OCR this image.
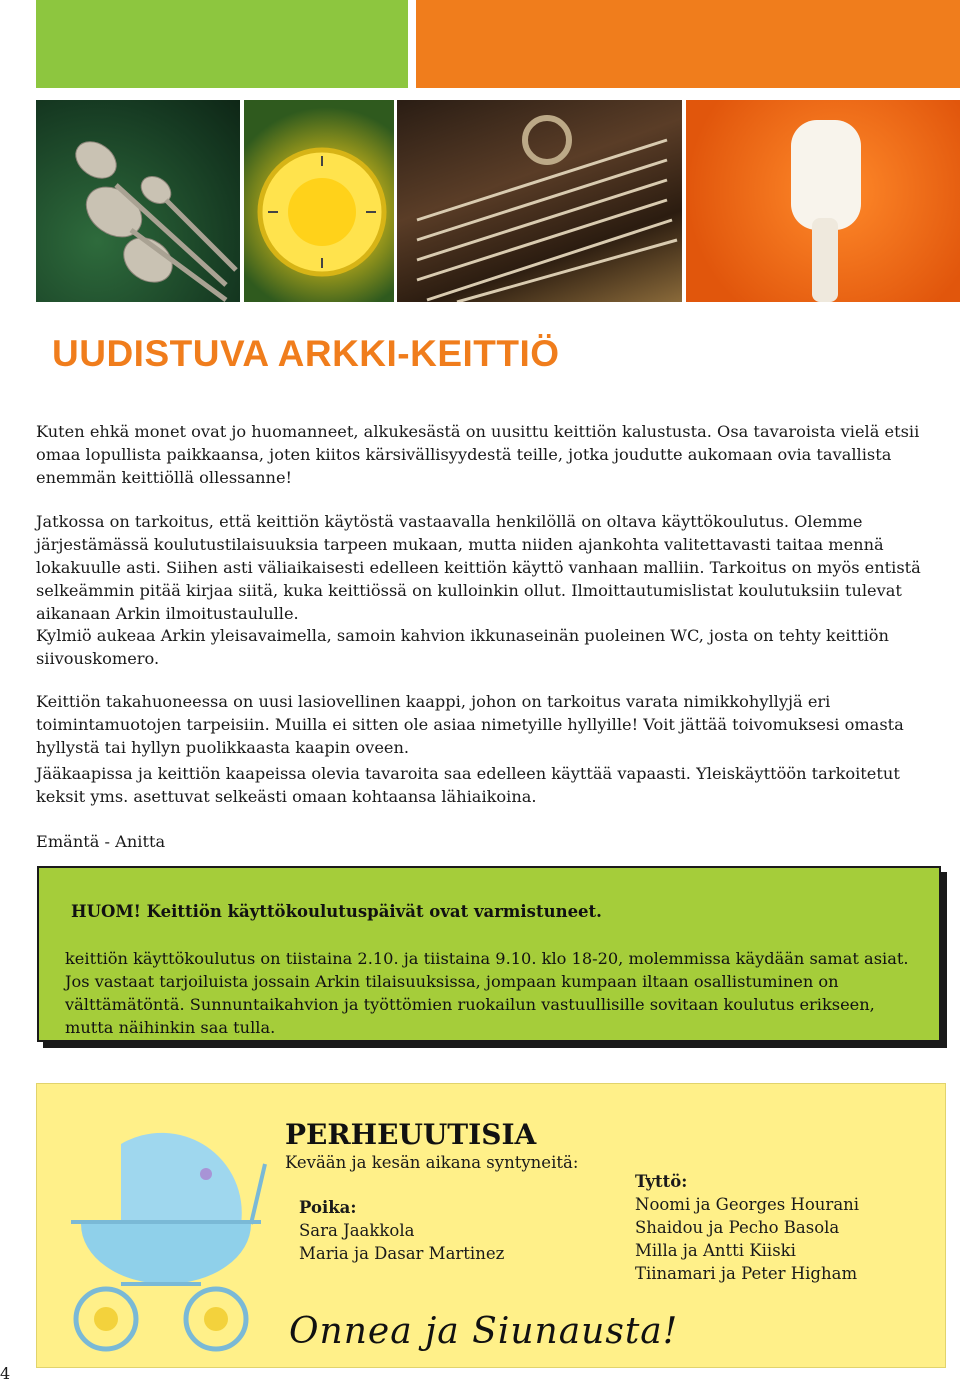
UUDISTUVA ARKKI-KEITTIÖ

Kuten ehkä monet ovat jo huomanneet, alkukesästä on uusittu keittiön kalustusta. Osa tavaroista vielä etsii omaa lopullista paikkaansa, joten kiitos kärsivällisyydestä teille, jotka joudutte aukomaan ovia tavallista enemmän keittiöllä ollessanne!

Jatkossa on tarkoitus, että keittiön käytöstä vastaavalla henkilöllä on oltava käyttökoulutus. Olemme järjestämässä koulutustilaisuuksia tarpeen mukaan, mutta niiden ajankohta valitettavasti taitaa mennä lokakuulle asti. Siihen asti väliaikaisesti edelleen keittiön käyttö vanhaan malliin. Tarkoitus on myös entistä selkeämmin pitää kirjaa siitä, kuka keittiössä on kulloinkin ollut. Ilmoittautumislistat koulutuksiin tulevat aikanaan Arkin ilmoitustaululle.

Kylmiö aukeaa Arkin yleisavaimella, samoin kahvion ikkunaseinän puoleinen WC, josta on tehty keittiön siivouskomero.

Keittiön takahuoneessa on uusi lasiovellinen kaappi, johon on tarkoitus varata nimikkohyllyjä eri toimintamuotojen tarpeisiin. Muilla ei sitten ole asiaa nimetyille hyllyille! Voit jättää toivomuksesi omasta hyllystä tai hyllyn puolikkaasta kaapin oveen.

Jääkaapissa ja keittiön kaapeissa olevia tavaroita saa edelleen käyttää vapaasti. Yleiskäyttöön tarkoitetut keksit yms. asettuvat selkeästi omaan kohtaansa lähiaikoina.

Emäntä - Anitta

HUOM! Keittiön käyttökoulutuspäivät ovat varmistuneet.

keittiön käyttökoulutus on tiistaina 2.10. ja tiistaina 9.10. klo 18-20, molemmissa käydään samat asiat. Jos vastaat tarjoiluista jossain Arkin tilaisuuksissa, jompaan kumpaan iltaan osallistuminen on välttämätöntä. Sunnuntaikahvion ja työttömien ruokailun vastuullisille sovitaan koulutus erikseen, mutta näihinkin saa tulla.

PERHEUUTISIA

Kevään ja kesän aikana syntyneitä:

Poika:
Sara Jaakkola
Maria ja Dasar Martinez
Tyttö:
Noomi ja Georges Hourani
Shaidou ja Pecho Basola
Milla ja Antti Kiiski
Tiinamari ja Peter Higham

Onnea ja Siunausta!

4
